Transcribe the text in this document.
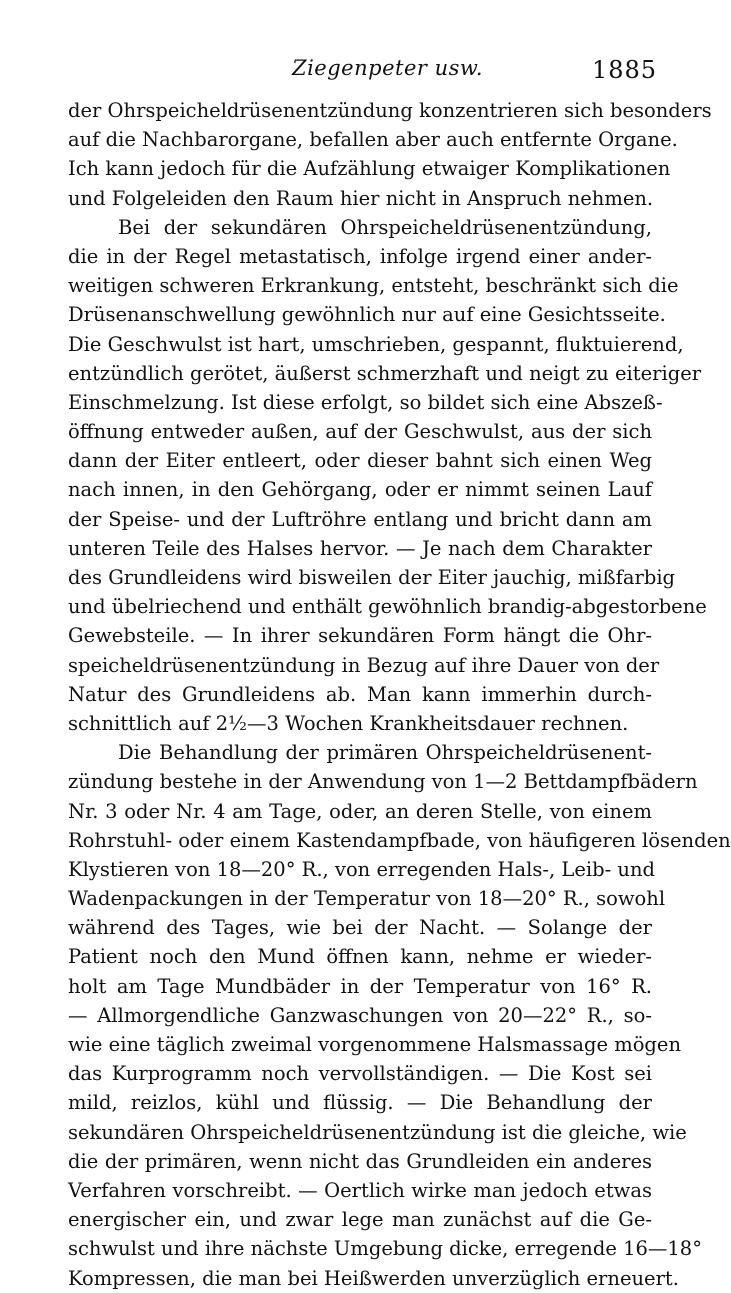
Ziegenpeter usw.	1885
der Ohrspeicheldrüsenentzündung konzentrieren sich besonders
auf die Nachbarorgane, befallen aber auch entfernte Organe.
Ich kann jedoch für die Aufzählung etwaiger Komplikationen
und Folgeleiden den Raum hier nicht in Anspruch nehmen.
Bei der sekundären Ohrspeicheldrüsenentzündung,
die in der Regel metastatisch, infolge irgend einer ander-
weitigen schweren Erkrankung, entsteht, beschränkt sich die
Drüsenanschwellung gewöhnlich nur auf eine Gesichtsseite.
Die Geschwulst ist hart, umschrieben, gespannt, fluktuierend,
entzündlich gerötet, äußerst schmerzhaft und neigt zu eiteriger
Einschmelzung. Ist diese erfolgt, so bildet sich eine Abszeß-
öffnung entweder außen, auf der Geschwulst, aus der sich
dann der Eiter entleert, oder dieser bahnt sich einen Weg
nach innen, in den Gehörgang, oder er nimmt seinen Lauf
der Speise- und der Luftröhre entlang und bricht dann am
unteren Teile des Halses hervor. — Je nach dem Charakter
des Grundleidens wird bisweilen der Eiter jauchig, mißfarbig
und übelriechend und enthält gewöhnlich brandig-abgestorbene
Gewebsteile. — In ihrer sekundären Form hängt die Ohr-
speicheldrüsenentzündung in Bezug auf ihre Dauer von der
Natur des Grundleidens ab. Man kann immerhin durch-
schnittlich auf 2½—3 Wochen Krankheitsdauer rechnen.
Die Behandlung der primären Ohrspeicheldrüsenent-
zündung bestehe in der Anwendung von 1—2 Bettdampfbädern
Nr. 3 oder Nr. 4 am Tage, oder, an deren Stelle, von einem
Rohrstuhl- oder einem Kastendampfbade, von häufigeren lösenden
Klystieren von 18—20° R., von erregenden Hals-, Leib- und
Wadenpackungen in der Temperatur von 18—20° R., sowohl
während des Tages, wie bei der Nacht. — Solange der
Patient noch den Mund öffnen kann, nehme er wieder-
holt am Tage Mundbäder in der Temperatur von 16° R.
— Allmorgendliche Ganzwaschungen von 20—22° R., so-
wie eine täglich zweimal vorgenommene Halsmassage mögen
das Kurprogramm noch vervollständigen. — Die Kost sei
mild, reizlos, kühl und flüssig. — Die Behandlung der
sekundären Ohrspeicheldrüsenentzündung ist die gleiche, wie
die der primären, wenn nicht das Grundleiden ein anderes
Verfahren vorschreibt. — Oertlich wirke man jedoch etwas
energischer ein, und zwar lege man zunächst auf die Ge-
schwulst und ihre nächste Umgebung dicke, erregende 16—18°
Kompressen, die man bei Heißwerden unverzüglich erneuert.
